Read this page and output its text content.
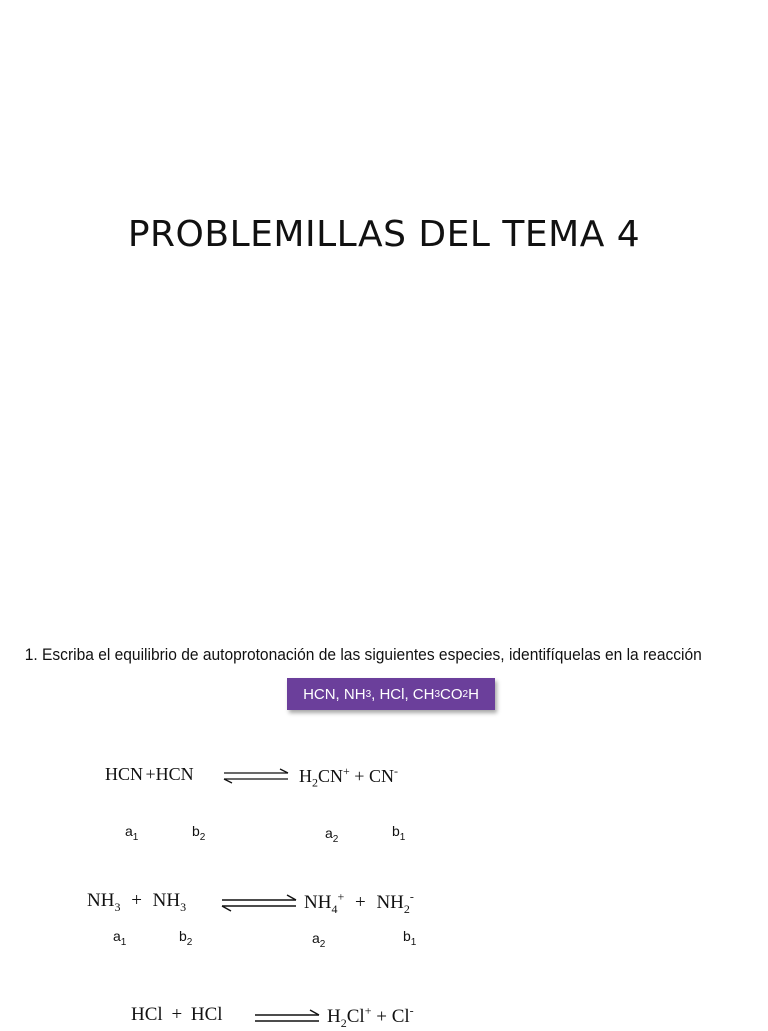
PROBLEMILLAS DEL TEMA 4
1. Escriba el equilibrio de autoprotonación de las siguientes especies, identifíquelas en la reacción
HCN, NH 3 , HCl, CH 3 CO 2 H
HCN +HCN	$H_2CN^+ + CN^-$
$a_1$	$b_2$	$a_2$
$b_1$
$NH_3 + NH_3$	$NH_4^+ + NH_2^-$
$a_1$	$b_2$	$a_2$
$b_1$
HCl + HCl	$H_2Cl^+ + Cl^-$
